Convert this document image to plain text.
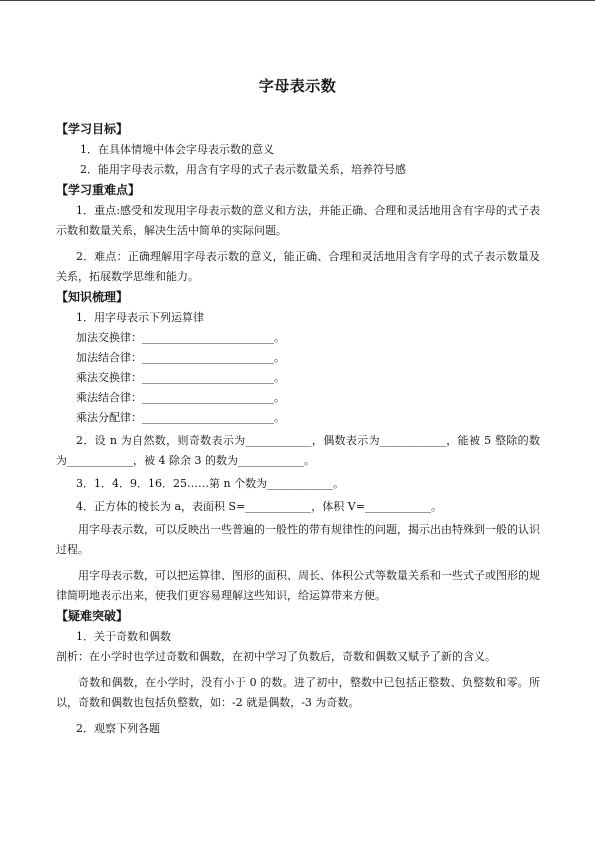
字母表示数
【学习目标】
1．在具体情境中体会字母表示数的意义
2．能用字母表示数，用含有字母的式子表示数量关系，培养符号感
【学习重难点】
1．重点:感受和发现用字母表示数的意义和方法，并能正确、合理和灵活地用含有字母的式子表示数和数量关系，解决生活中简单的实际问题。
2．难点：正确理解用字母表示数的意义，能正确、合理和灵活地用含有字母的式子表示数量及关系，拓展数学思维和能力。
【知识梳理】
1．用字母表示下列运算律
加法交换律：________________________。
加法结合律：________________________。
乘法交换律：________________________。
乘法结合律：________________________。
乘法分配律：________________________。
2．设 n 为自然数，则奇数表示为____________，偶数表示为____________，能被 5 整除的数为____________，被 4 除余 3 的数为____________。
3．1．4．9．16．25……第 n 个数为____________。
4．正方体的棱长为 a，表面积 S=____________，体积 V=____________。
用字母表示数，可以反映出一些普遍的一般性的带有规律性的问题，揭示出由特殊到一般的认识过程。
用字母表示数，可以把运算律、图形的面积、周长、体积公式等数量关系和一些式子或图形的规律简明地表示出来，使我们更容易理解这些知识，给运算带来方便。
【疑难突破】
1．关于奇数和偶数
剖析：在小学时也学过奇数和偶数，在初中学习了负数后，奇数和偶数又赋予了新的含义。
奇数和偶数，在小学时，没有小于 0 的数。进了初中，整数中已包括正整数、负整数和零。所以，奇数和偶数也包括负整数，如：-2 就是偶数，-3 为奇数。
2．观察下列各题
